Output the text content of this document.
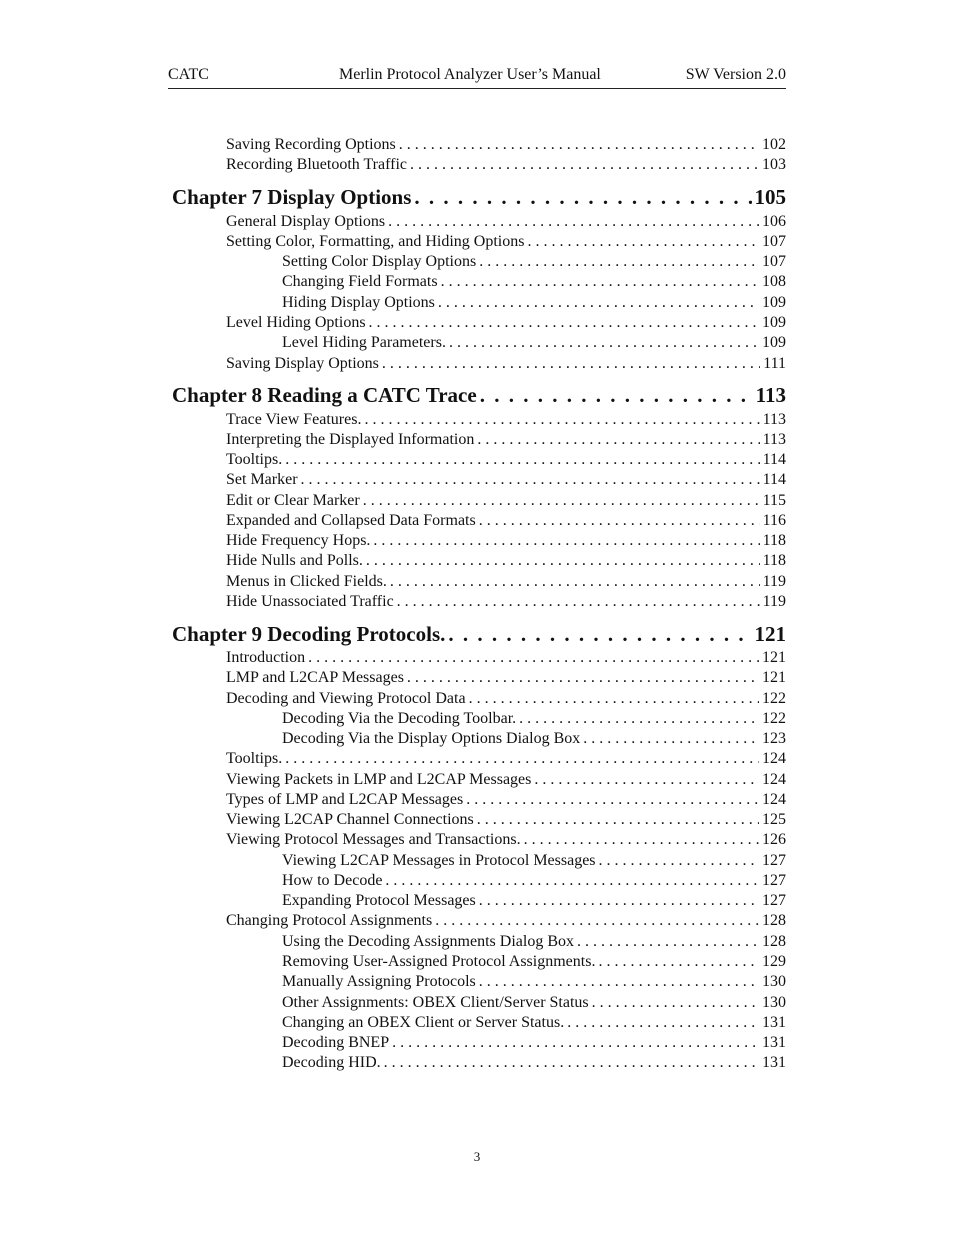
CATC	Merlin Protocol Analyzer User’s Manual	SW Version 2.0
Saving Recording Options . . .	102
Recording Bluetooth Traffic . . .	103
Chapter 7 Display Options . . .	105
General Display Options . . .	106
Setting Color, Formatting, and Hiding Options . . .	107
Setting Color Display Options . . .	107
Changing Field Formats . . .	108
Hiding Display Options . . .	109
Level Hiding Options . . .	109
Level Hiding Parameters. . . .	109
Saving Display Options . . .	111
Chapter 8 Reading a CATC Trace . . .	113
Trace View Features. . . .	113
Interpreting the Displayed Information . . .	113
Tooltips. . . .	114
Set Marker . . .	114
Edit or Clear Marker . . .	115
Expanded and Collapsed Data Formats . . .	116
Hide Frequency Hops. . . .	118
Hide Nulls and Polls. . . .	118
Menus in Clicked Fields. . . .	119
Hide Unassociated Traffic . . .	119
Chapter 9 Decoding Protocols. . . .	121
Introduction . . .	121
LMP and L2CAP Messages . . .	121
Decoding and Viewing Protocol Data . . .	122
Decoding Via the Decoding Toolbar. . . .	122
Decoding Via the Display Options Dialog Box . . .	123
Tooltips. . . .	124
Viewing Packets in LMP and L2CAP Messages . . .	124
Types of LMP and L2CAP Messages . . .	124
Viewing L2CAP Channel Connections . . .	125
Viewing Protocol Messages and Transactions. . . .	126
Viewing L2CAP Messages in Protocol Messages . . .	127
How to Decode . . .	127
Expanding Protocol Messages . . .	127
Changing Protocol Assignments . . .	128
Using the Decoding Assignments Dialog Box . . .	128
Removing User-Assigned Protocol Assignments. . . .	129
Manually Assigning Protocols . . .	130
Other Assignments: OBEX Client/Server Status . . .	130
Changing an OBEX Client or Server Status. . . .	131
Decoding BNEP . . .	131
Decoding HID. . . .	131
3
